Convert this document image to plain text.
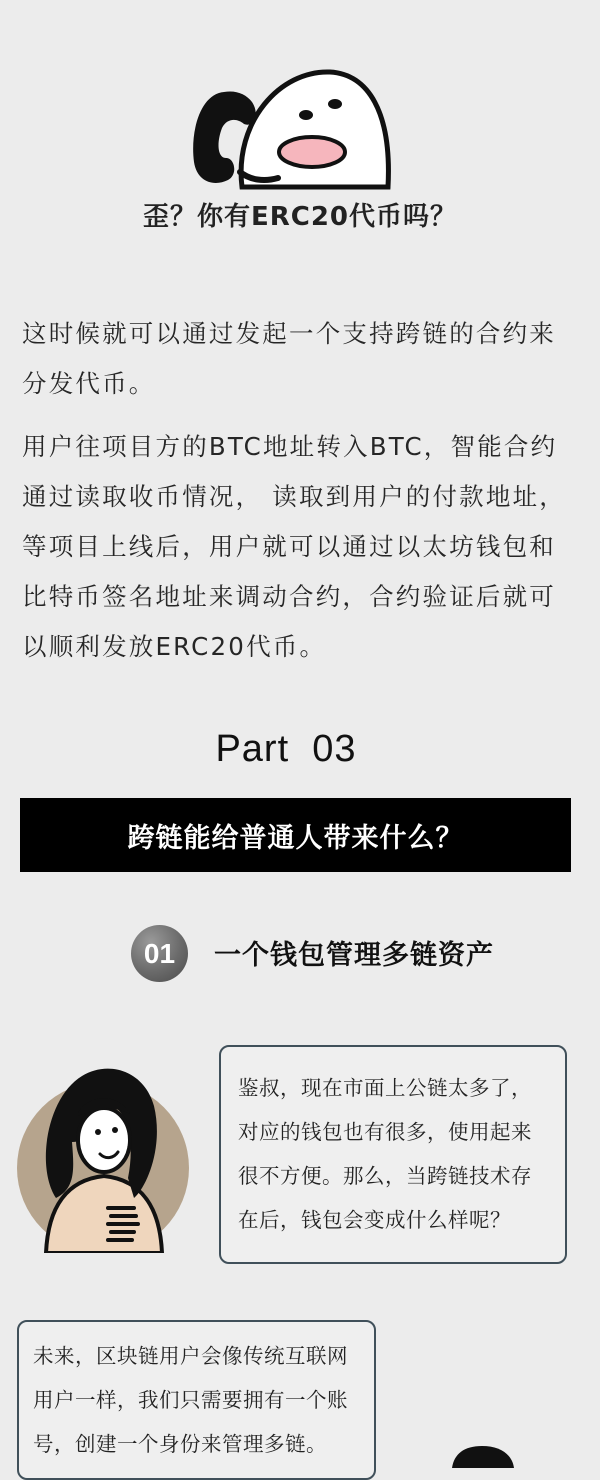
歪？你有ERC20代币吗？
这时候就可以通过发起一个支持跨链的合约来
分发代币。
用户往项目方的BTC地址转入BTC，智能合约
通过读取收币情况， 读取到用户的付款地址，
等项目上线后，用户就可以通过以太坊钱包和
比特币签名地址来调动合约，合约验证后就可
以顺利发放ERC20代币。
Part  03
跨链能给普通人带来什么？
01	一个钱包管理多链资产
鉴叔，现在市面上公链太多了，
对应的钱包也有很多，使用起来
很不方便。那么，当跨链技术存
在后，钱包会变成什么样呢？
未来，区块链用户会像传统互联网
用户一样，我们只需要拥有一个账
号，创建一个身份来管理多链。
